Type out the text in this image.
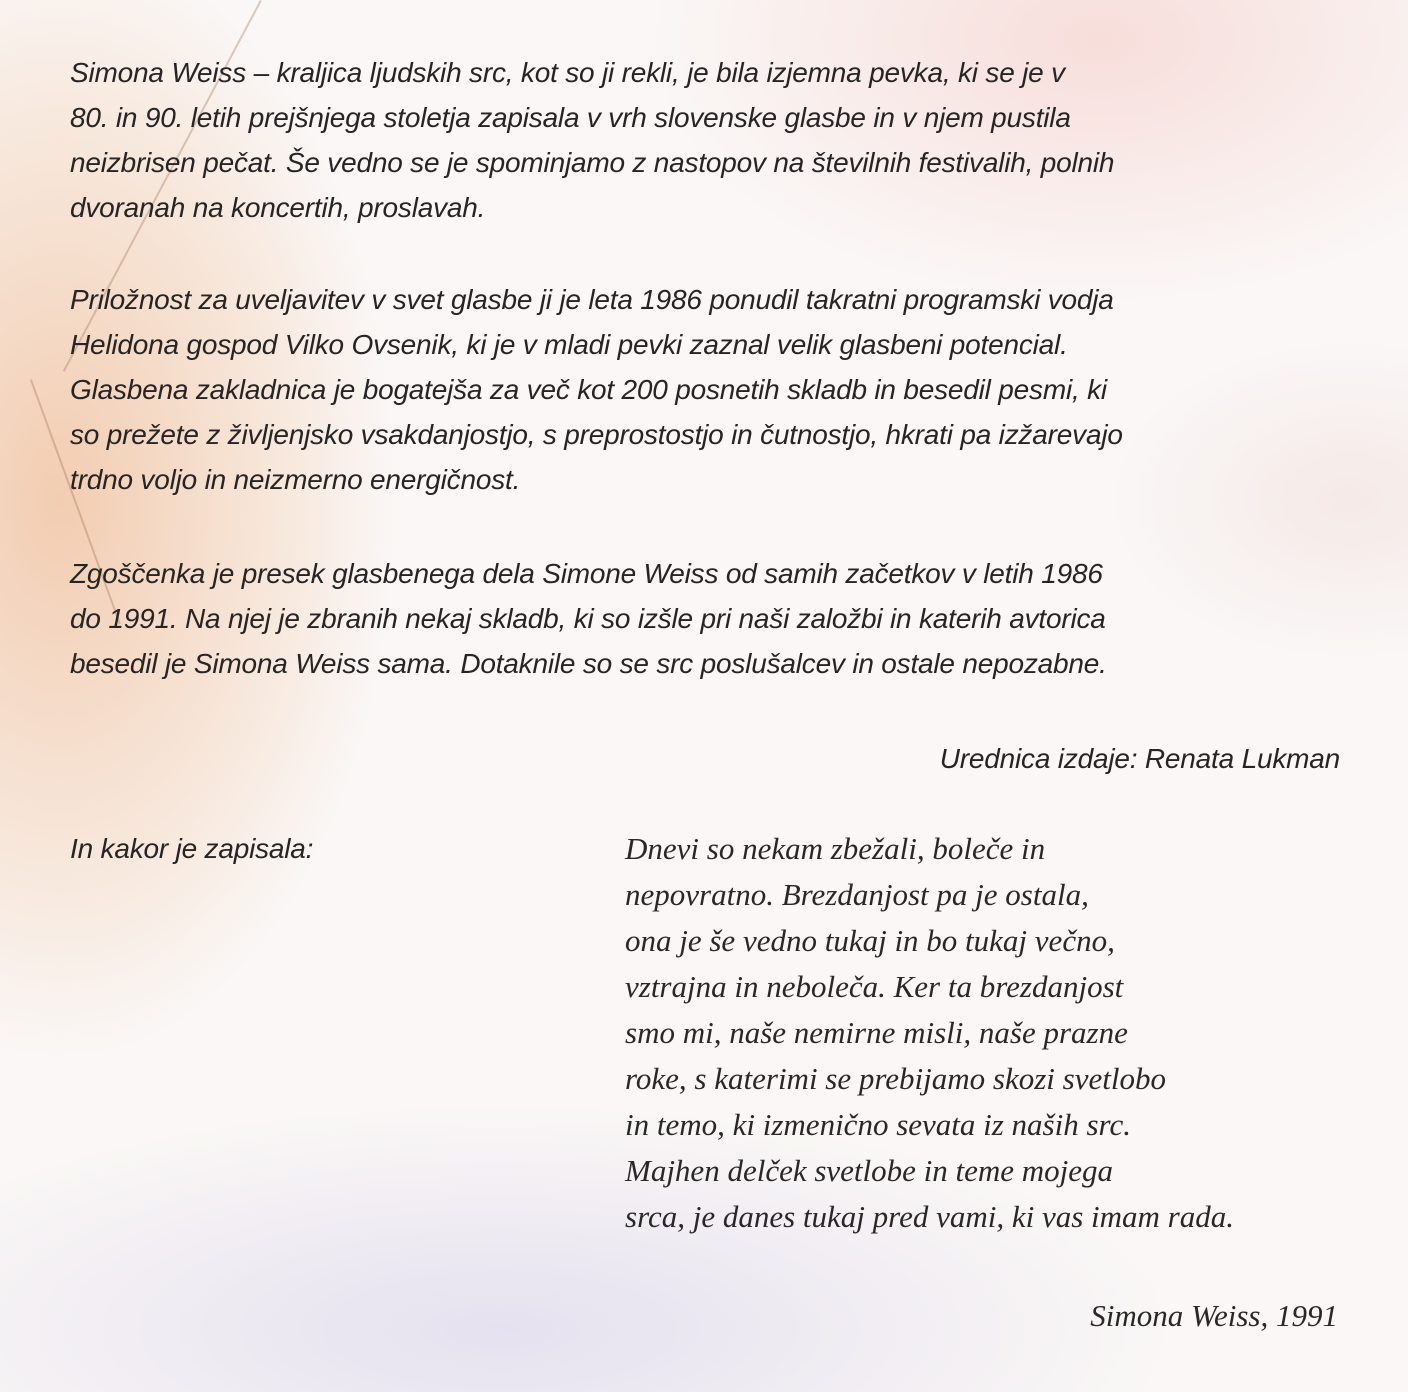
Simona Weiss – kraljica ljudskih src, kot so ji rekli, je bila izjemna pevka, ki se je v
80. in 90. letih prejšnjega stoletja zapisala v vrh slovenske glasbe in v njem pustila
neizbrisen pečat. Še vedno se je spominjamo z nastopov na številnih festivalih, polnih
dvoranah na koncertih, proslavah.
Priložnost za uveljavitev v svet glasbe ji je leta 1986 ponudil takratni programski vodja
Helidona gospod Vilko Ovsenik, ki je v mladi pevki zaznal velik glasbeni potencial.
Glasbena zakladnica je bogatejša za več kot 200 posnetih skladb in besedil pesmi, ki
so prežete z življenjsko vsakdanjostjo, s preprostostjo in čutnostjo, hkrati pa izžarevajo
trdno voljo in neizmerno energičnost.
Zgoščenka je presek glasbenega dela Simone Weiss od samih začetkov v letih 1986
do 1991. Na njej je zbranih nekaj skladb, ki so izšle pri naši založbi in katerih avtorica
besedil je Simona Weiss sama. Dotaknile so se src poslušalcev in ostale nepozabne.
Urednica izdaje: Renata Lukman
In kakor je zapisala:	Dnevi so nekam zbežali, boleče in
nepovratno. Brezdanjost pa je ostala,
ona je še vedno tukaj in bo tukaj večno,
vztrajna in neboleča. Ker ta brezdanjost
smo mi, naše nemirne misli, naše prazne
roke, s katerimi se prebijamo skozi svetlobo
in temo, ki izmenično sevata iz naših src.
Majhen delček svetlobe in teme mojega
srca, je danes tukaj pred vami, ki vas imam rada.
Simona Weiss, 1991
